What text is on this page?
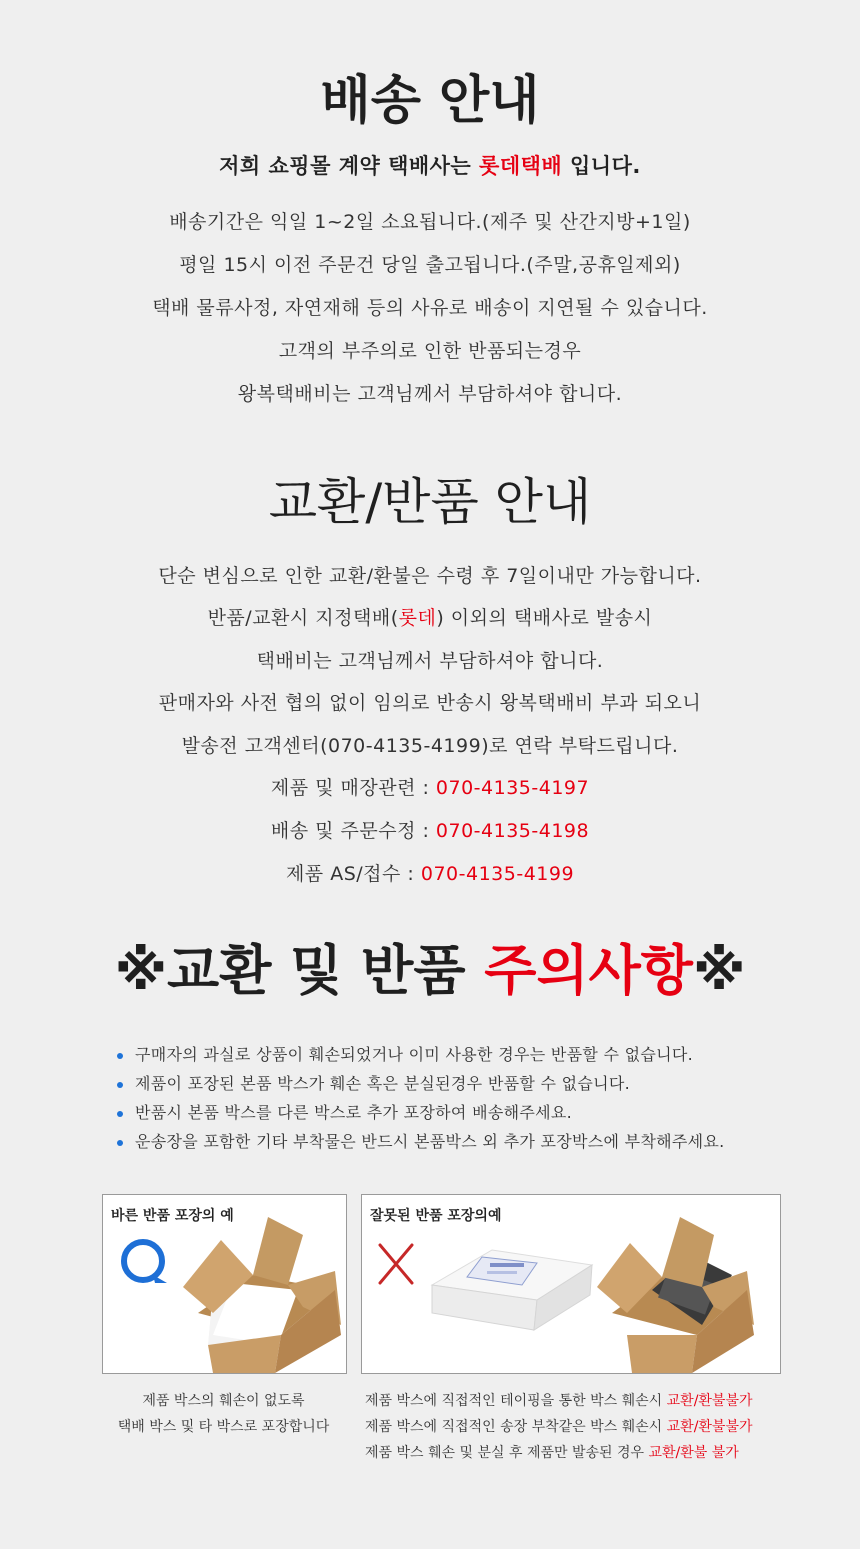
배송 안내
저희 쇼핑몰 계약 택배사는 롯데택배 입니다.
배송기간은 익일 1~2일 소요됩니다.(제주 및 산간지방+1일)
평일 15시 이전 주문건 당일 출고됩니다.(주말,공휴일제외)
택배 물류사정, 자연재해 등의 사유로 배송이 지연될 수 있습니다.
고객의 부주의로 인한 반품되는경우
왕복택배비는 고객님께서 부담하셔야 합니다.
교환/반품 안내
단순 변심으로 인한 교환/환불은 수령 후 7일이내만 가능합니다.
반품/교환시 지정택배(롯데) 이외의 택배사로 발송시
택배비는 고객님께서 부담하셔야 합니다.
판매자와 사전 협의 없이 임의로 반송시 왕복택배비 부과 되오니
발송전 고객센터(070-4135-4199)로 연락 부탁드립니다.
제품 및 매장관련 : 070-4135-4197
배송 및 주문수정 : 070-4135-4198
제품 AS/접수 : 070-4135-4199
※교환 및 반품 주의사항※
구매자의 과실로 상품이 훼손되었거나 이미 사용한 경우는 반품할 수 없습니다.
제품이 포장된 본품 박스가 훼손 혹은 분실된경우 반품할 수 없습니다.
반품시 본품 박스를 다른 박스로 추가 포장하여 배송해주세요.
운송장을 포함한 기타 부착물은 반드시 본품박스 외 추가 포장박스에 부착해주세요.
바른 반품 포장의 예	잘못된 반품 포장의예
제품 박스의 훼손이 없도록
택배 박스 및 타 박스로 포장합니다
제품 박스에 직접적인 테이핑을 통한 박스 훼손시 교환/환불불가
제품 박스에 직접적인 송장 부착같은 박스 훼손시 교환/환불불가
제품 박스 훼손 및 분실 후 제품만 발송된 경우 교환/환불 불가
